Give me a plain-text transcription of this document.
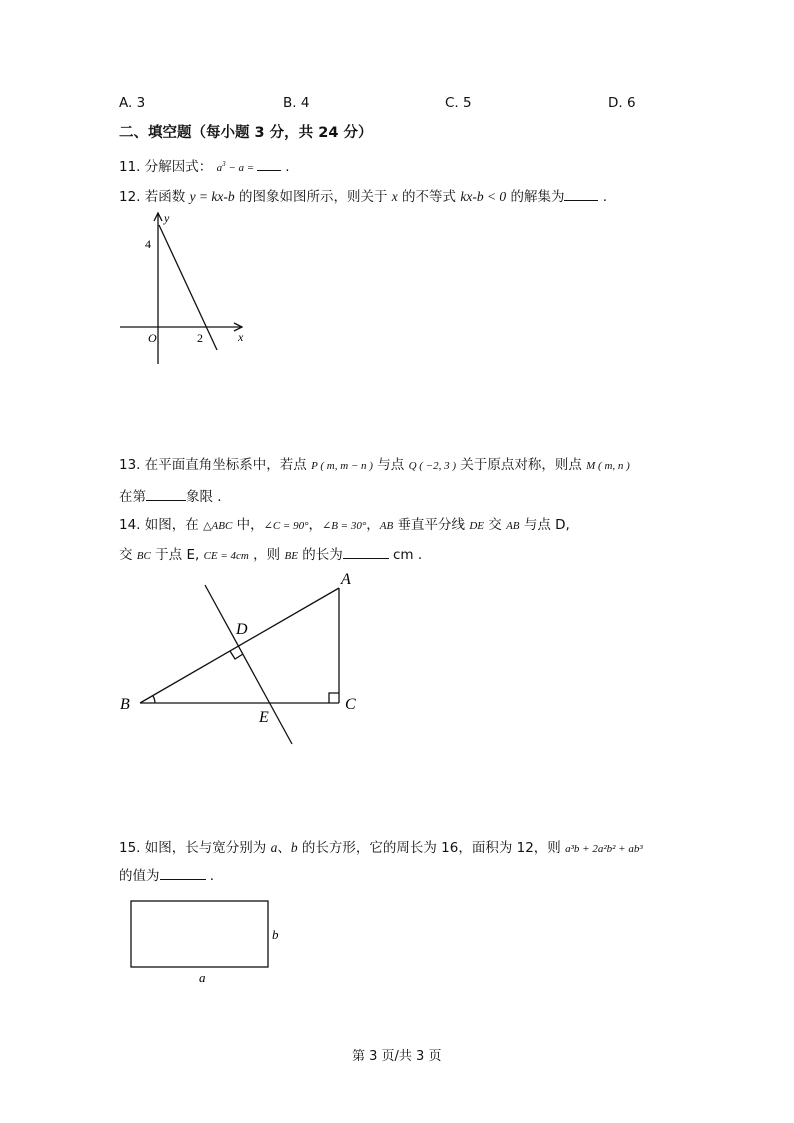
A. 3	B. 4	C. 5	D. 6
二、填空题（每小题 3 分，共 24 分）
11. 分解因式： $a^3 - a$ =  .
12. 若函数 y = kx-b 的图象如图所示，则关于 x 的不等式 kx-b < 0 的解集为	.
y
x
O
4
2
13. 在平面直角坐标系中，若点 P ( m, m − n ) 与点 Q ( −2, 3 ) 关于原点对称，则点 M ( m, n )
在第	象限 .
14. 如图，在 △ABC 中，∠C = 90°，∠B = 30°，AB 垂直平分线 DE 交 AB 与点 D,
交 BC 于点 E, CE = 4cm ，则 BE 的长为	cm .
A
B	C
D
E
15. 如图，长与宽分别为 a、b 的长方形，它的周长为 16，面积为 12，则 a³b + 2a²b² + ab³
的值为	.
a
b
第 3 页/共 3 页
